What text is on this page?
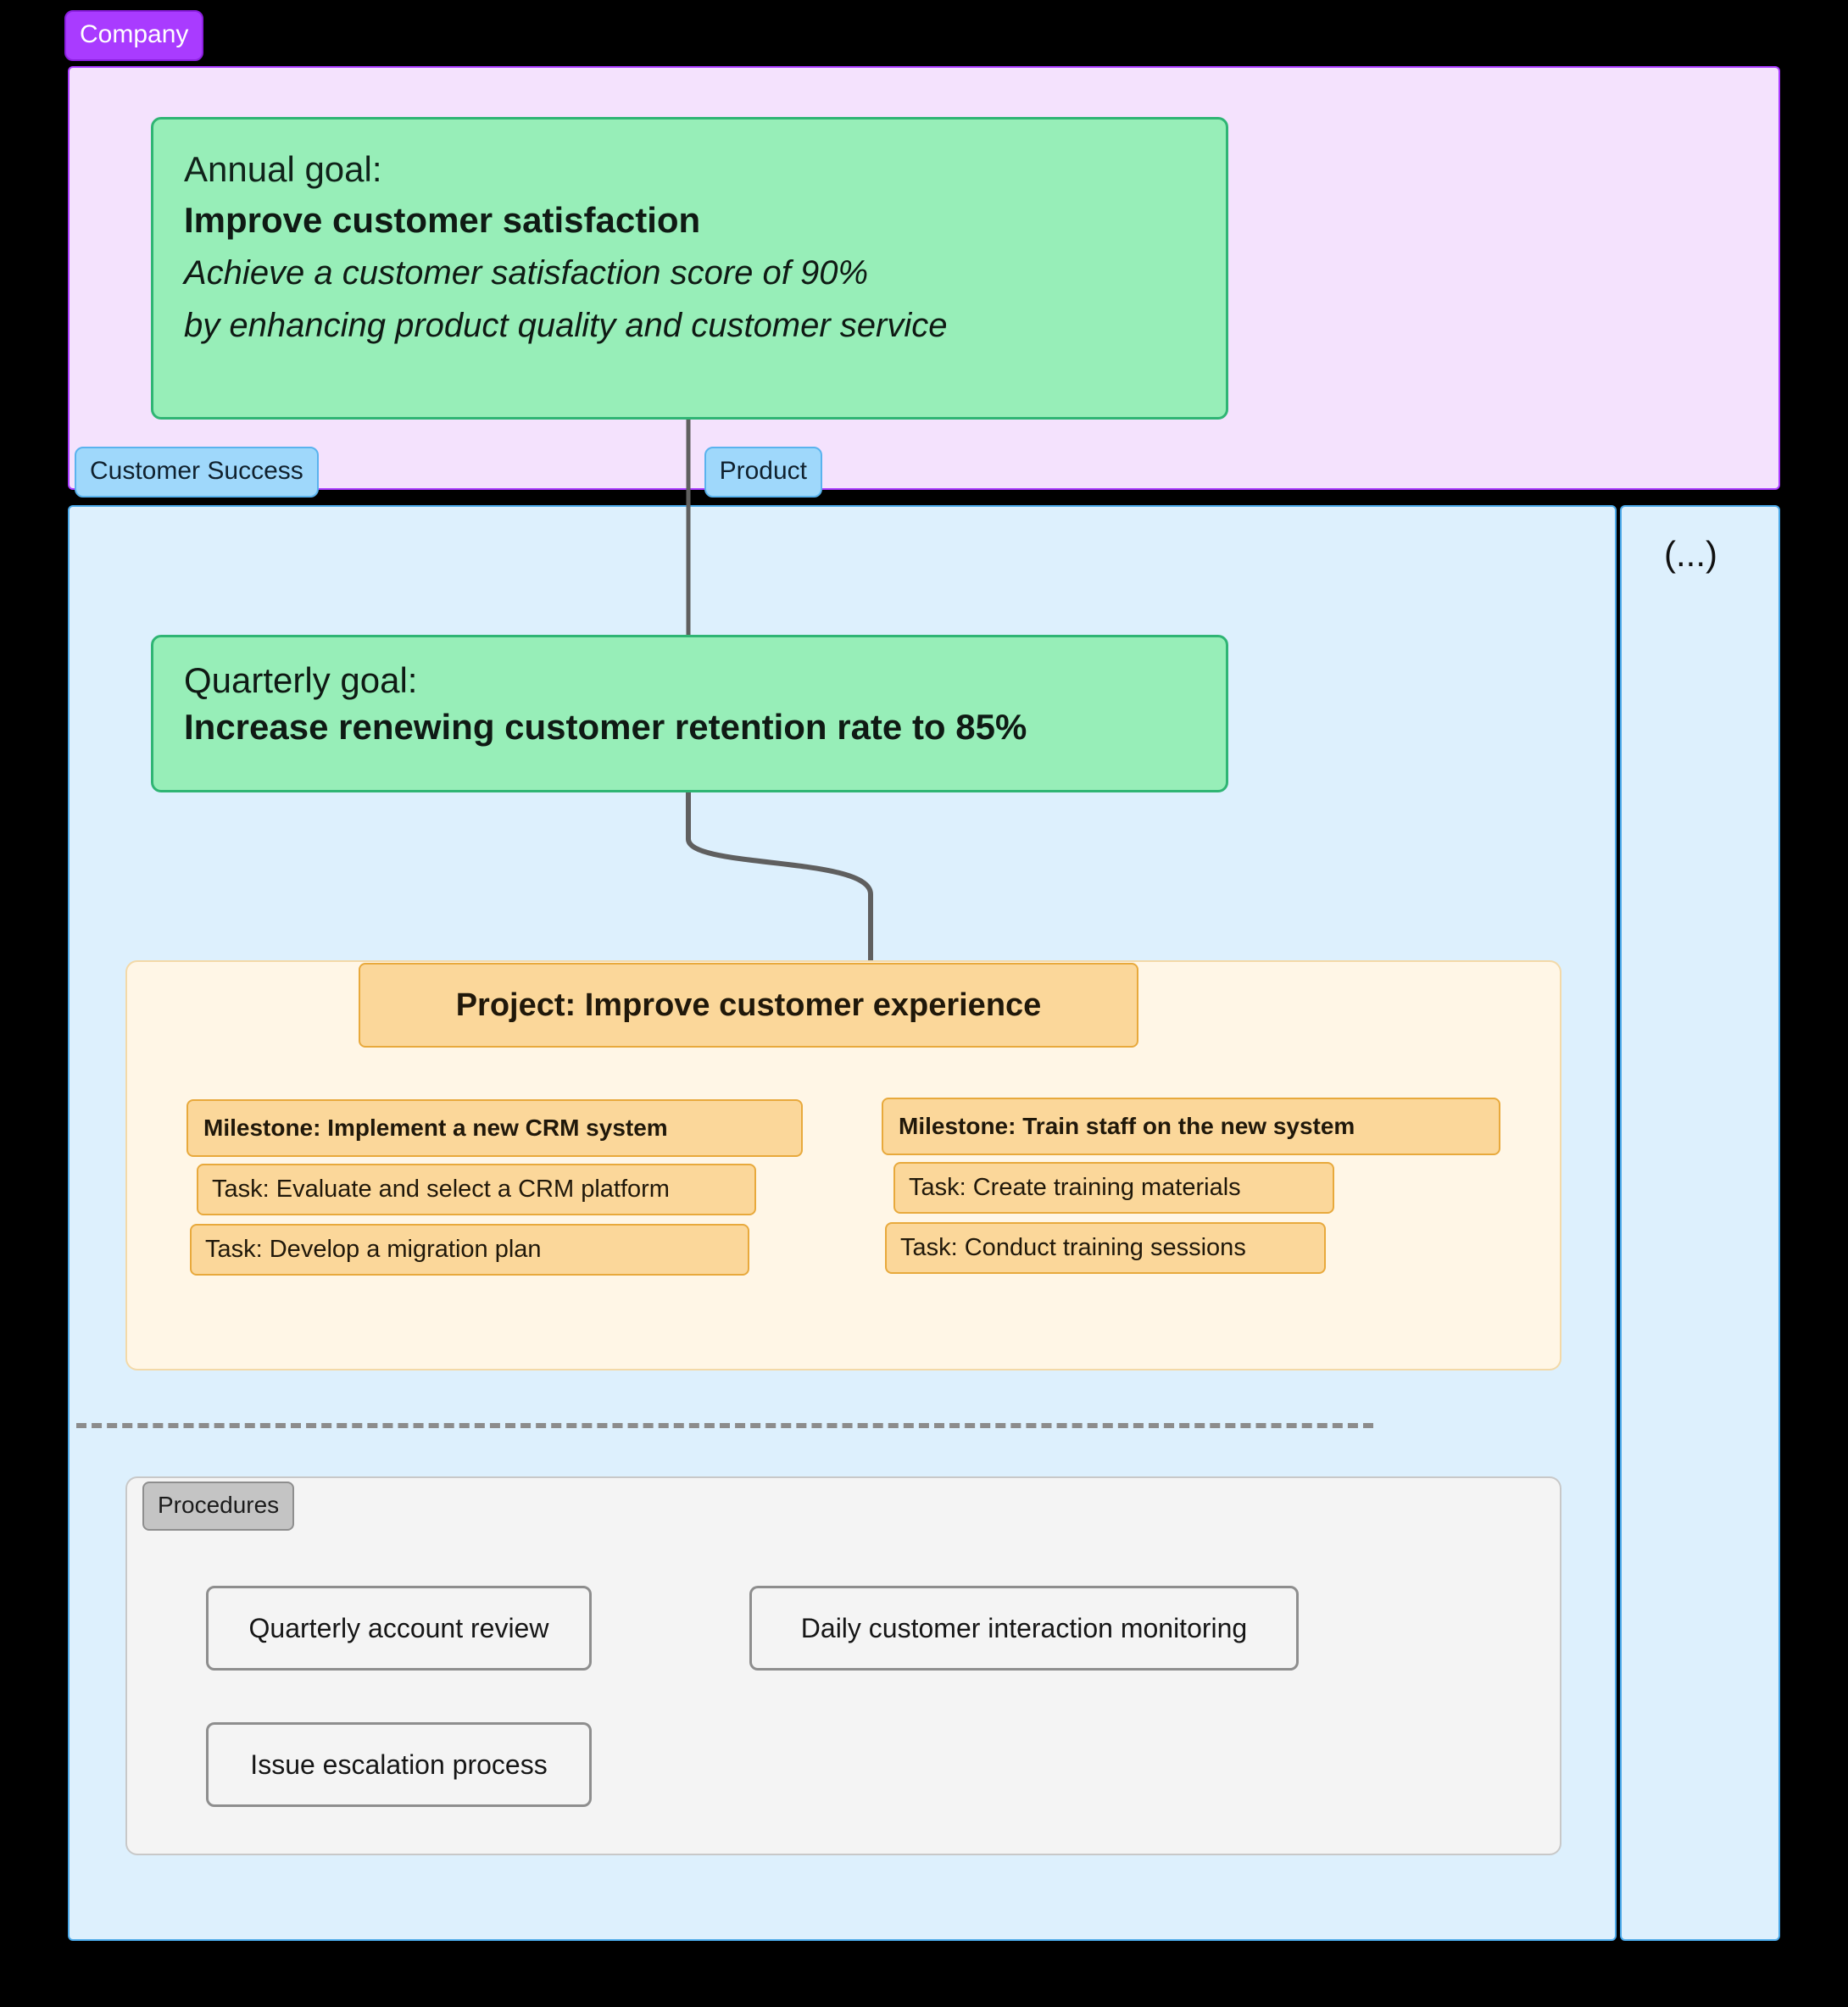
Company
Annual goal:
Improve customer satisfaction
Achieve a customer satisfaction score of 90%
by enhancing product quality and customer service
Customer Success	Product
(...)
Quarterly goal:
Increase renewing customer retention rate to 85%
Project: Improve customer experience
Milestone: Implement a new CRM system
Task: Evaluate and select a CRM platform
Task: Develop a migration plan
Milestone: Train staff on the new system
Task: Create training materials
Task: Conduct training sessions
Procedures
Quarterly account review	Daily customer interaction monitoring
Issue escalation process
